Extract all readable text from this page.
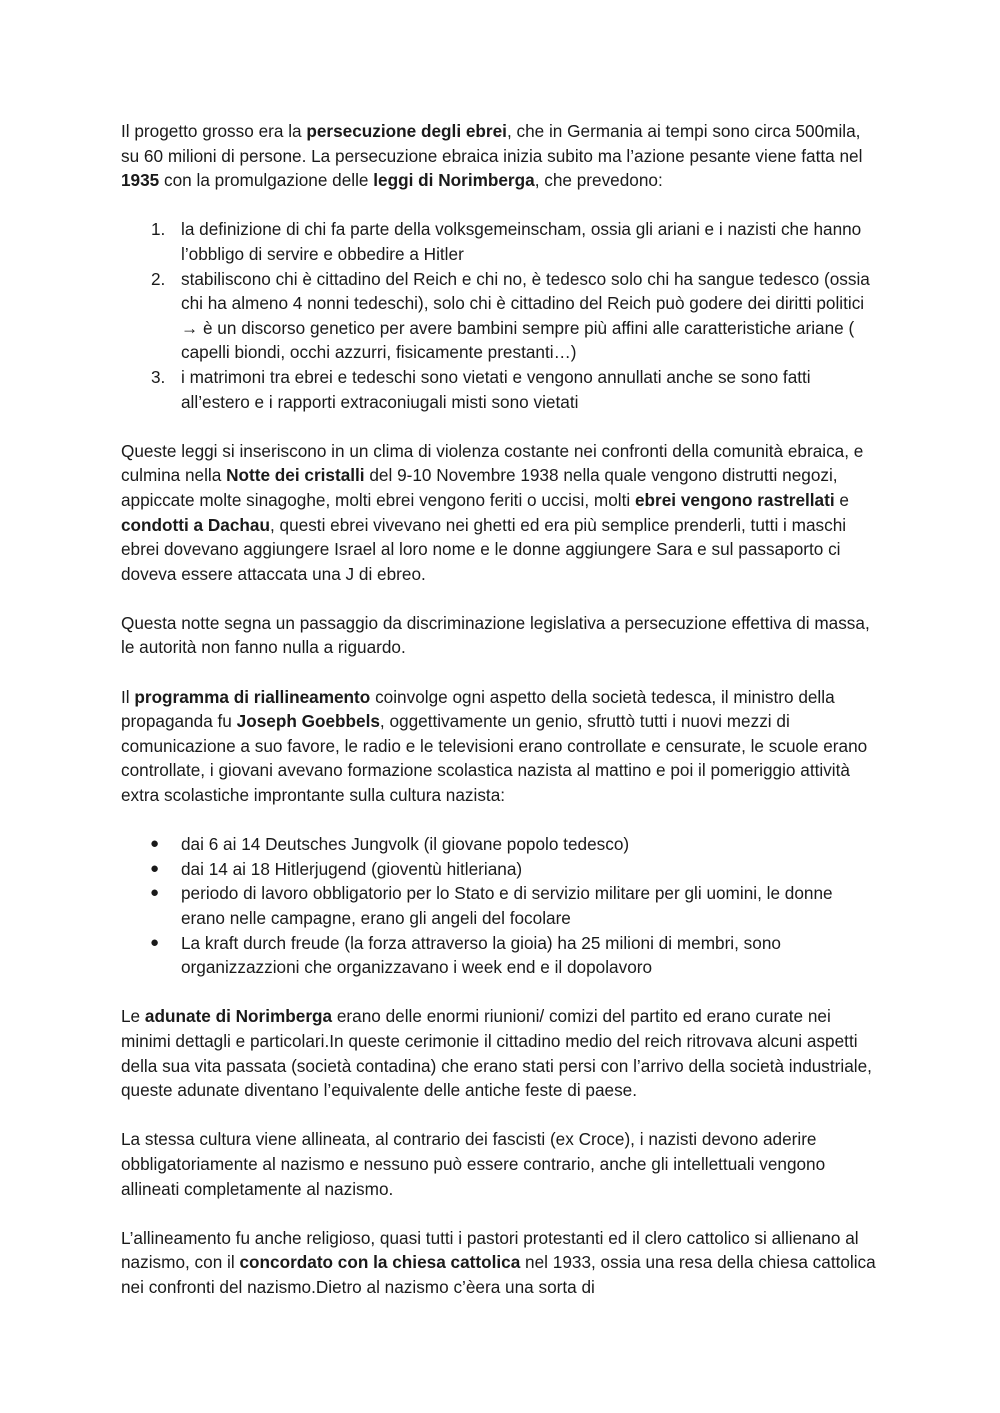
Il progetto grosso era la persecuzione degli ebrei, che in Germania ai tempi sono circa 500mila, su 60 milioni di persone. La persecuzione ebraica inizia subito ma l’azione pesante viene fatta nel 1935 con la promulgazione delle leggi di Norimberga, che prevedono:

1. la definizione di chi fa parte della volksgemeinscham, ossia gli ariani e i nazisti che hanno l’obbligo di servire e obbedire a Hitler
2. stabiliscono chi è cittadino del Reich e chi no, è tedesco solo chi ha sangue tedesco (ossia chi ha almeno 4 nonni tedeschi), solo chi è cittadino del Reich può godere dei diritti politici → è un discorso genetico per avere bambini sempre più affini alle caratteristiche ariane ( capelli biondi, occhi azzurri, fisicamente prestanti…)
3. i matrimoni tra ebrei e tedeschi sono vietati e vengono annullati anche se sono fatti all’estero e i rapporti extraconiugali misti sono vietati

Queste leggi si inseriscono in un clima di violenza costante nei confronti della comunità ebraica, e culmina nella Notte dei cristalli del 9-10 Novembre 1938 nella quale vengono distrutti negozi, appiccate molte sinagoghe, molti ebrei vengono feriti o uccisi, molti ebrei vengono rastrellati e condotti a Dachau, questi ebrei vivevano nei ghetti ed era più semplice prenderli, tutti i maschi ebrei dovevano aggiungere Israel al loro nome e le donne aggiungere Sara e sul passaporto ci doveva essere attaccata una J di ebreo.

Questa notte segna un passaggio da discriminazione legislativa a persecuzione effettiva di massa, le autorità non fanno nulla a riguardo.

Il programma di riallineamento coinvolge ogni aspetto della società tedesca, il ministro della propaganda fu Joseph Goebbels, oggettivamente un genio, sfruttò tutti i nuovi mezzi di comunicazione a suo favore, le radio e le televisioni erano controllate e censurate, le scuole erano controllate, i giovani avevano formazione scolastica nazista al mattino e poi il pomeriggio attività extra scolastiche improntante sulla cultura nazista:

● dai 6 ai 14 Deutsches Jungvolk (il giovane popolo tedesco)
● dai 14 ai 18 Hitlerjugend (gioventù hitleriana)
● periodo di lavoro obbligatorio per lo Stato e di servizio militare per gli uomini, le donne erano nelle campagne, erano gli angeli del focolare
● La kraft durch freude (la forza attraverso la gioia) ha 25 milioni di membri, sono organizzazzioni che organizzavano i week end e il dopolavoro

Le adunate di Norimberga erano delle enormi riunioni/ comizi del partito ed erano curate nei minimi dettagli e particolari.In queste cerimonie il cittadino medio del reich ritrovava alcuni aspetti della sua vita passata (società contadina) che erano stati persi con l’arrivo della società industriale, queste adunate diventano l’equivalente delle antiche feste di paese.

La stessa cultura viene allineata, al contrario dei fascisti (ex Croce), i nazisti devono aderire obbligatoriamente al nazismo e nessuno può essere contrario, anche gli intellettuali vengono allineati completamente al nazismo.

L’allineamento fu anche religioso, quasi tutti i pastori protestanti ed il clero cattolico si allienano al nazismo, con il concordato con la chiesa cattolica nel 1933, ossia una resa della chiesa cattolica nei confronti del nazismo.Dietro al nazismo c’èera una sorta di
